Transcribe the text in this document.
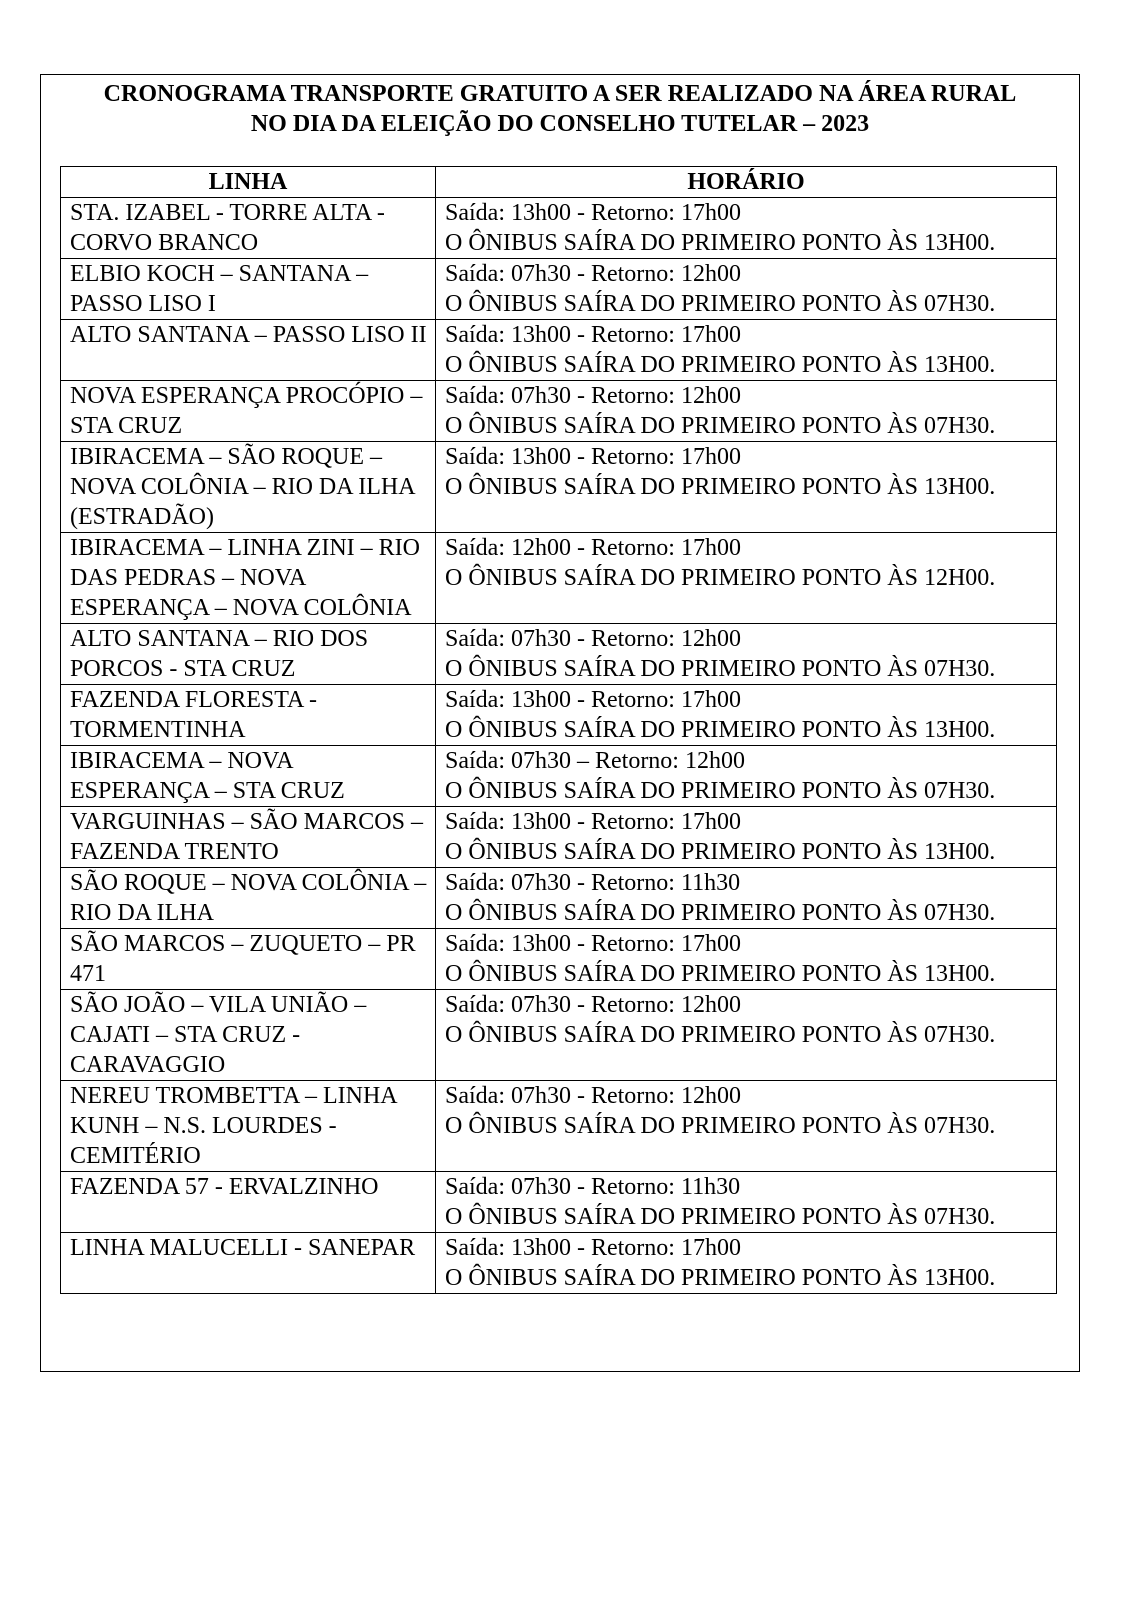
CRONOGRAMA TRANSPORTE GRATUITO A SER REALIZADO NA ÁREA RURAL
NO DIA DA ELEIÇÃO DO CONSELHO TUTELAR – 2023
LINHA	HORÁRIO
STA. IZABEL - TORRE ALTA - CORVO BRANCO	Saída: 13h00 - Retorno: 17h00
O ÔNIBUS SAÍRA DO PRIMEIRO PONTO ÀS 13H00.

ELBIO KOCH – SANTANA – PASSO LISO I	Saída: 07h30 - Retorno: 12h00
O ÔNIBUS SAÍRA DO PRIMEIRO PONTO ÀS 07H30.

ALTO SANTANA – PASSO LISO II	Saída: 13h00 - Retorno: 17h00
O ÔNIBUS SAÍRA DO PRIMEIRO PONTO ÀS 13H00.

NOVA ESPERANÇA PROCÓPIO – STA CRUZ	Saída: 07h30 - Retorno: 12h00
O ÔNIBUS SAÍRA DO PRIMEIRO PONTO ÀS 07H30.

IBIRACEMA – SÃO ROQUE – NOVA COLÔNIA – RIO DA ILHA (ESTRADÃO)	Saída: 13h00 - Retorno: 17h00
O ÔNIBUS SAÍRA DO PRIMEIRO PONTO ÀS 13H00.

IBIRACEMA – LINHA ZINI – RIO DAS PEDRAS – NOVA ESPERANÇA – NOVA COLÔNIA	Saída: 12h00 - Retorno: 17h00
O ÔNIBUS SAÍRA DO PRIMEIRO PONTO ÀS 12H00.

ALTO SANTANA – RIO DOS PORCOS - STA CRUZ	Saída: 07h30 - Retorno: 12h00
O ÔNIBUS SAÍRA DO PRIMEIRO PONTO ÀS 07H30.

FAZENDA FLORESTA - TORMENTINHA	Saída: 13h00 - Retorno: 17h00
O ÔNIBUS SAÍRA DO PRIMEIRO PONTO ÀS 13H00.

IBIRACEMA – NOVA ESPERANÇA – STA CRUZ	Saída: 07h30 – Retorno: 12h00
O ÔNIBUS SAÍRA DO PRIMEIRO PONTO ÀS 07H30.

VARGUINHAS – SÃO MARCOS – FAZENDA TRENTO	Saída: 13h00 - Retorno: 17h00
O ÔNIBUS SAÍRA DO PRIMEIRO PONTO ÀS 13H00.

SÃO ROQUE – NOVA COLÔNIA – RIO DA ILHA	Saída: 07h30 - Retorno: 11h30
O ÔNIBUS SAÍRA DO PRIMEIRO PONTO ÀS 07H30.

SÃO MARCOS – ZUQUETO – PR 471	Saída: 13h00 - Retorno: 17h00
O ÔNIBUS SAÍRA DO PRIMEIRO PONTO ÀS 13H00.

SÃO JOÃO – VILA UNIÃO – CAJATI – STA CRUZ - CARAVAGGIO	Saída: 07h30 - Retorno: 12h00
O ÔNIBUS SAÍRA DO PRIMEIRO PONTO ÀS 07H30.

NEREU TROMBETTA – LINHA KUNH – N.S. LOURDES - CEMITÉRIO	Saída: 07h30 - Retorno: 12h00
O ÔNIBUS SAÍRA DO PRIMEIRO PONTO ÀS 07H30.

FAZENDA 57 - ERVALZINHO	Saída: 07h30 - Retorno: 11h30
O ÔNIBUS SAÍRA DO PRIMEIRO PONTO ÀS 07H30.

LINHA MALUCELLI - SANEPAR	Saída: 13h00 - Retorno: 17h00
O ÔNIBUS SAÍRA DO PRIMEIRO PONTO ÀS 13H00.
